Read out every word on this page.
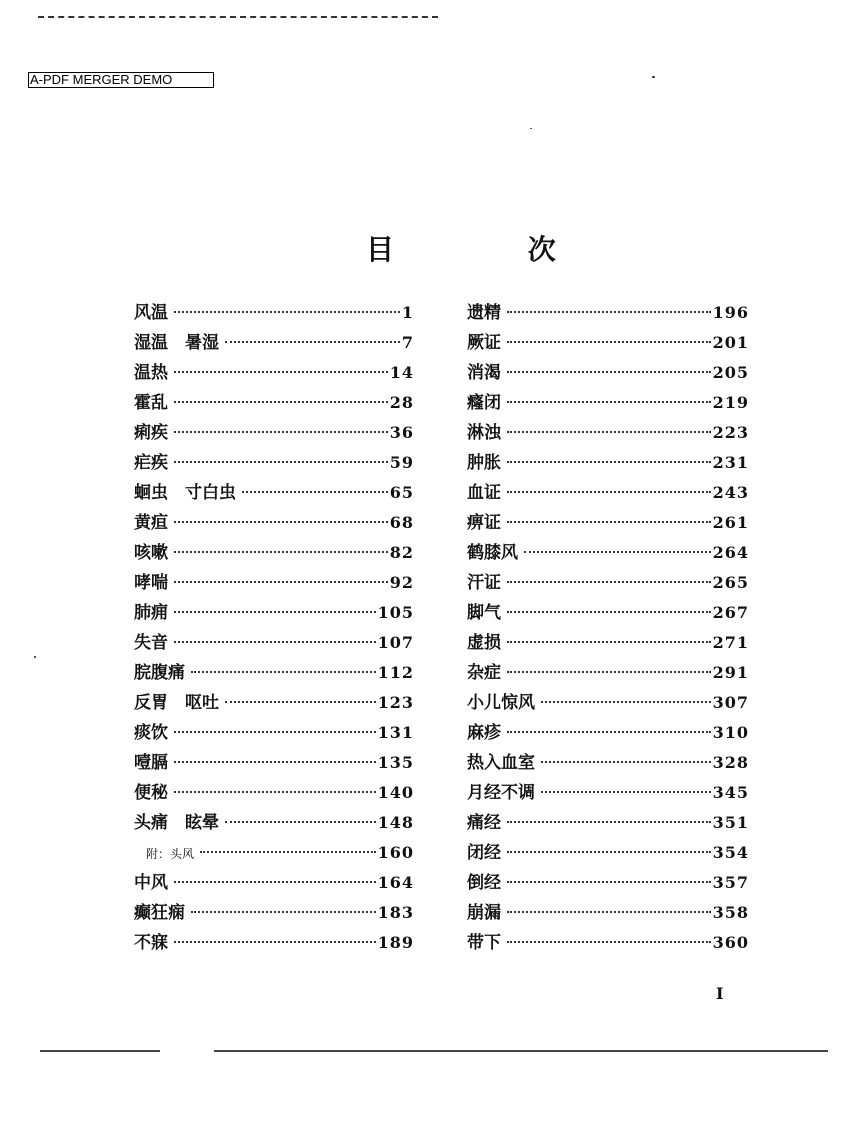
A-PDF MERGER DEMO
目 次
风温	1
湿温　暑湿	7
温热	14
霍乱	28
痢疾	36
疟疾	59
蛔虫　寸白虫	65
黄疸	68
咳嗽	82
哮喘	92
肺痈	105
失音	107
脘腹痛	112
反胃　呕吐	123
痰饮	131
噎膈	135
便秘	140
头痛　眩晕	148
附：头风	160
中风	164
癫狂痫	183
不寐	189
遗精	196
厥证	201
消渴	205
癃闭	219
淋浊	223
肿胀	231
血证	243
痹证	261
鹤膝风	264
汗证	265
脚气	267
虚损	271
杂症	291
小儿惊风	307
麻疹	310
热入血室	328
月经不调	345
痛经	351
闭经	354
倒经	357
崩漏	358
带下	360
I
